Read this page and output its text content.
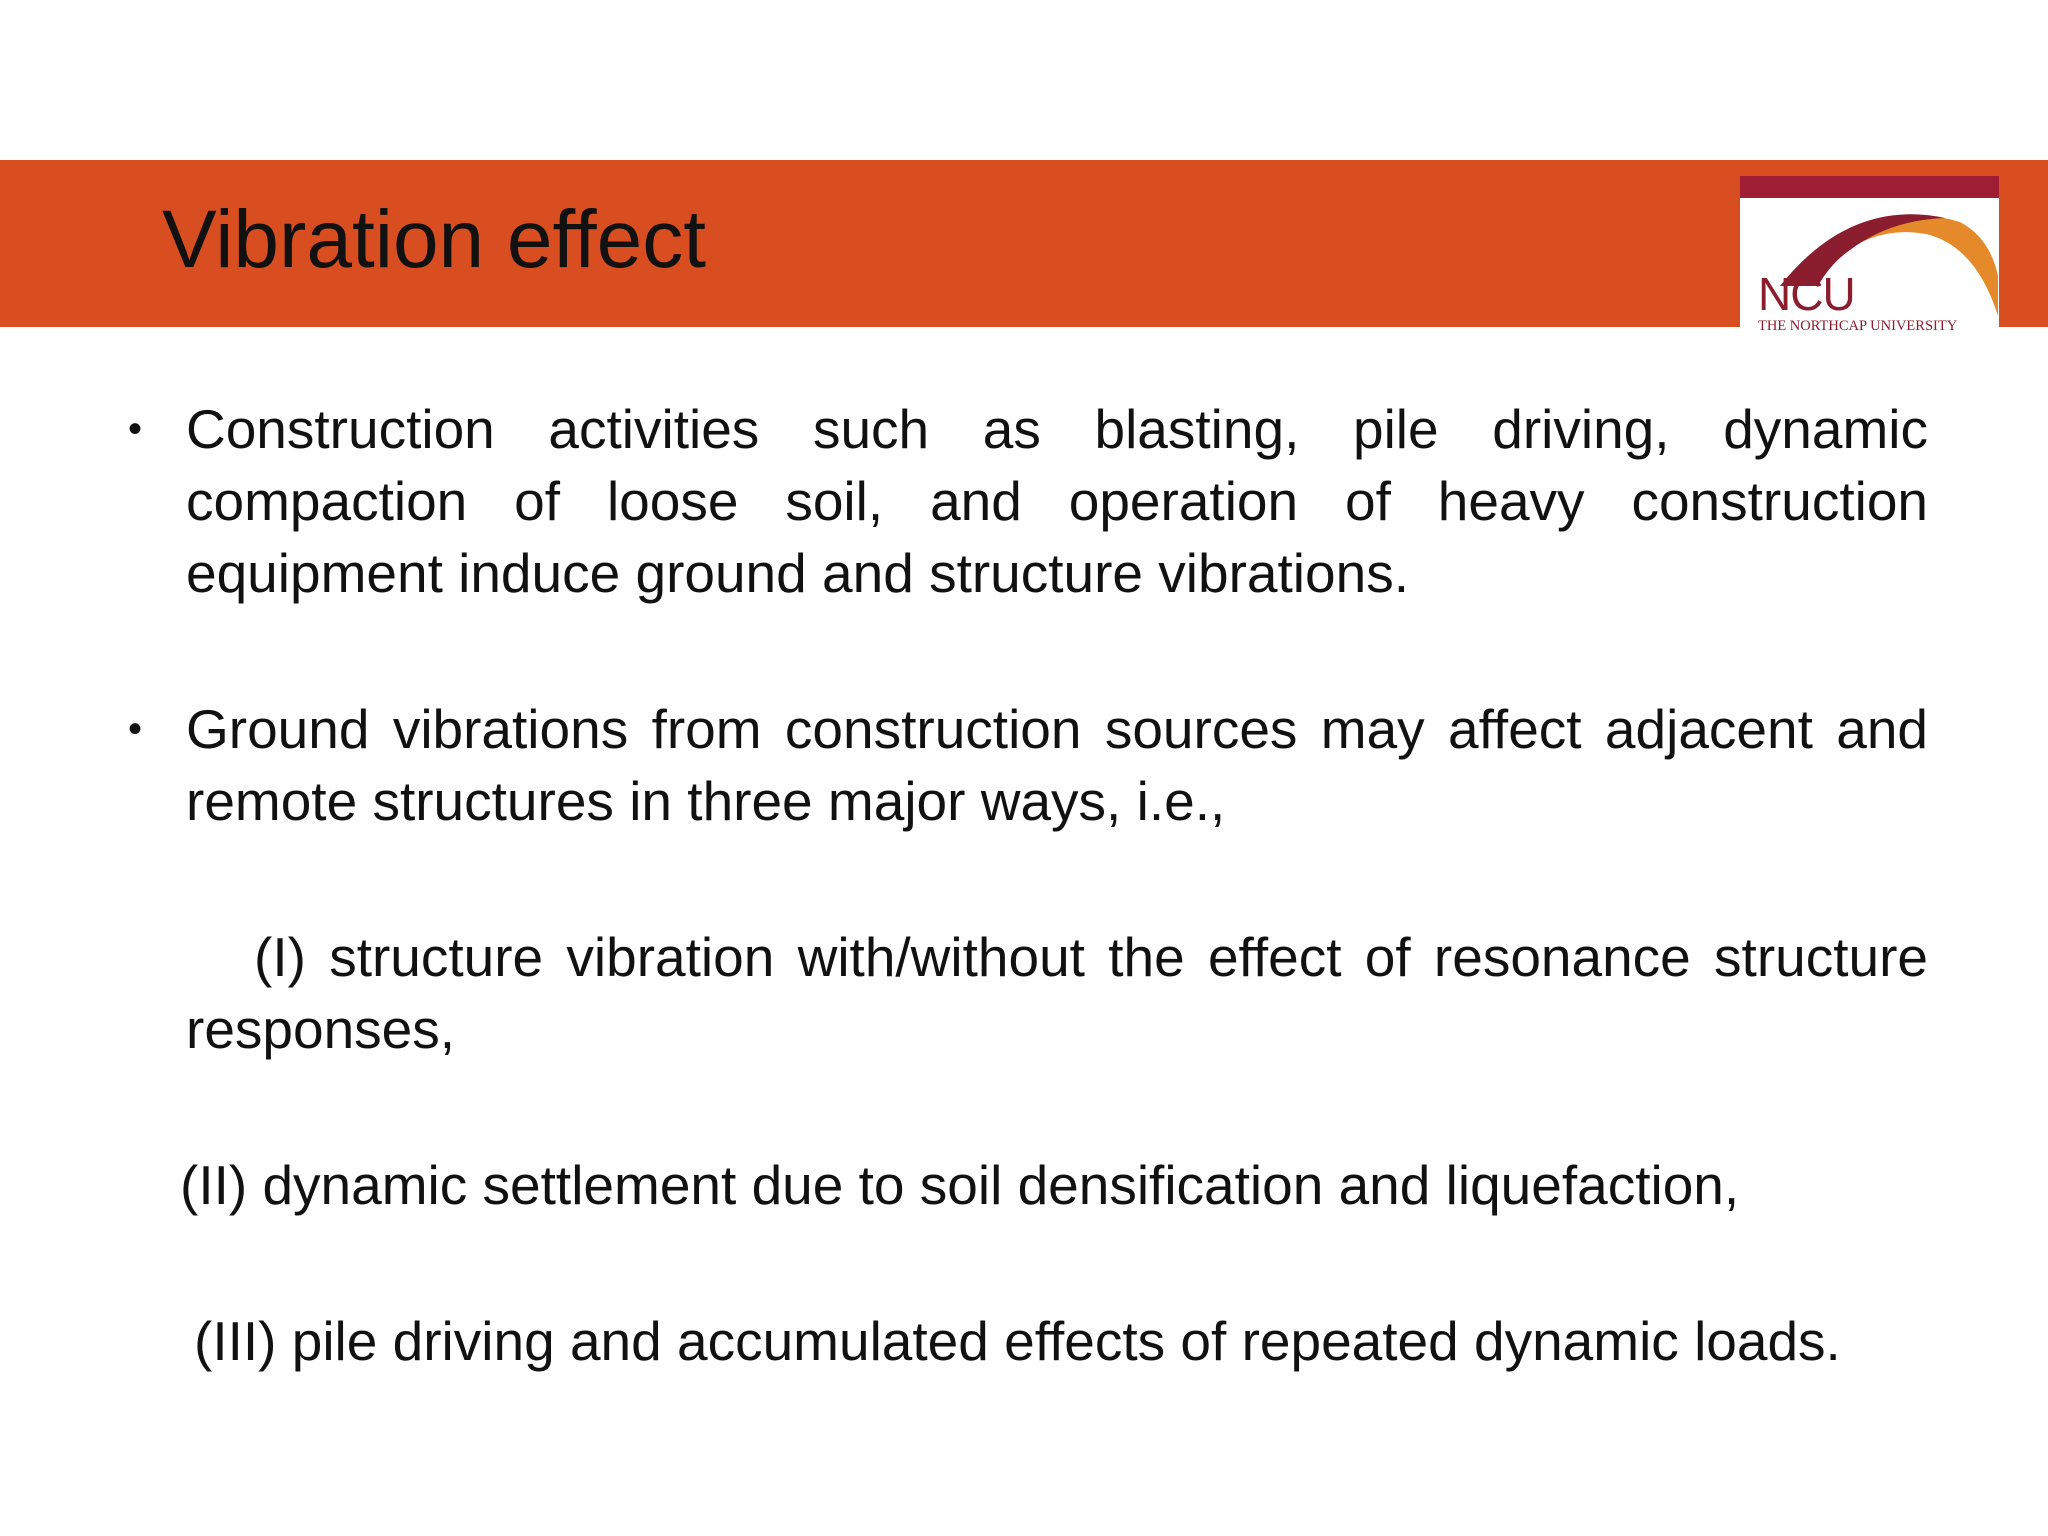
Vibration effect
NCU
THE NORTHCAP UNIVERSITY
• Construction activities such as blasting, pile driving, dynamic compaction of loose soil, and operation of heavy construction equipment induce ground and structure vibrations.

• Ground vibrations from construction sources may affect adjacent and remote structures in three major ways, i.e.,

(I) structure vibration with/without the effect of resonance structure responses,

(II) dynamic settlement due to soil densification and liquefaction,

(III) pile driving and accumulated effects of repeated dynamic loads.
